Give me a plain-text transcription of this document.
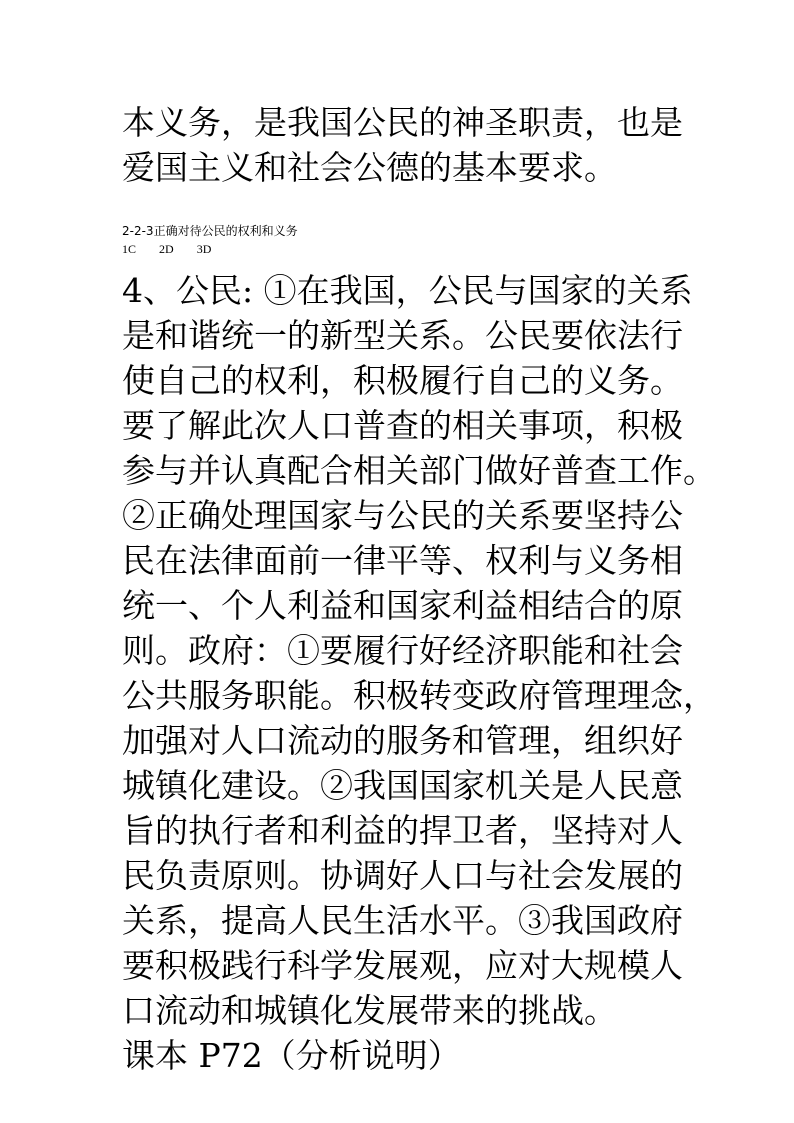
本义务，是我国公民的神圣职责，也是
爱国主义和社会公德的基本要求。
2-2-3正确对待公民的权利和义务
1C 2D 3D
4、公民: ①在我国，公民与国家的关系
是和谐统一的新型关系。公民要依法行
使自己的权利，积极履行自己的义务。
要了解此次人口普查的相关事项，积极
参与并认真配合相关部门做好普查工作。
②正确处理国家与公民的关系要坚持公
民在法律面前一律平等、权利与义务相
统一、个人利益和国家利益相结合的原
则。政府：①要履行好经济职能和社会
公共服务职能。积极转变政府管理理念，
加强对人口流动的服务和管理，组织好
城镇化建设。②我国国家机关是人民意
旨的执行者和利益的捍卫者，坚持对人
民负责原则。协调好人口与社会发展的
关系，提高人民生活水平。③我国政府
要积极践行科学发展观，应对大规模人
口流动和城镇化发展带来的挑战。
课本 P72（分析说明）
